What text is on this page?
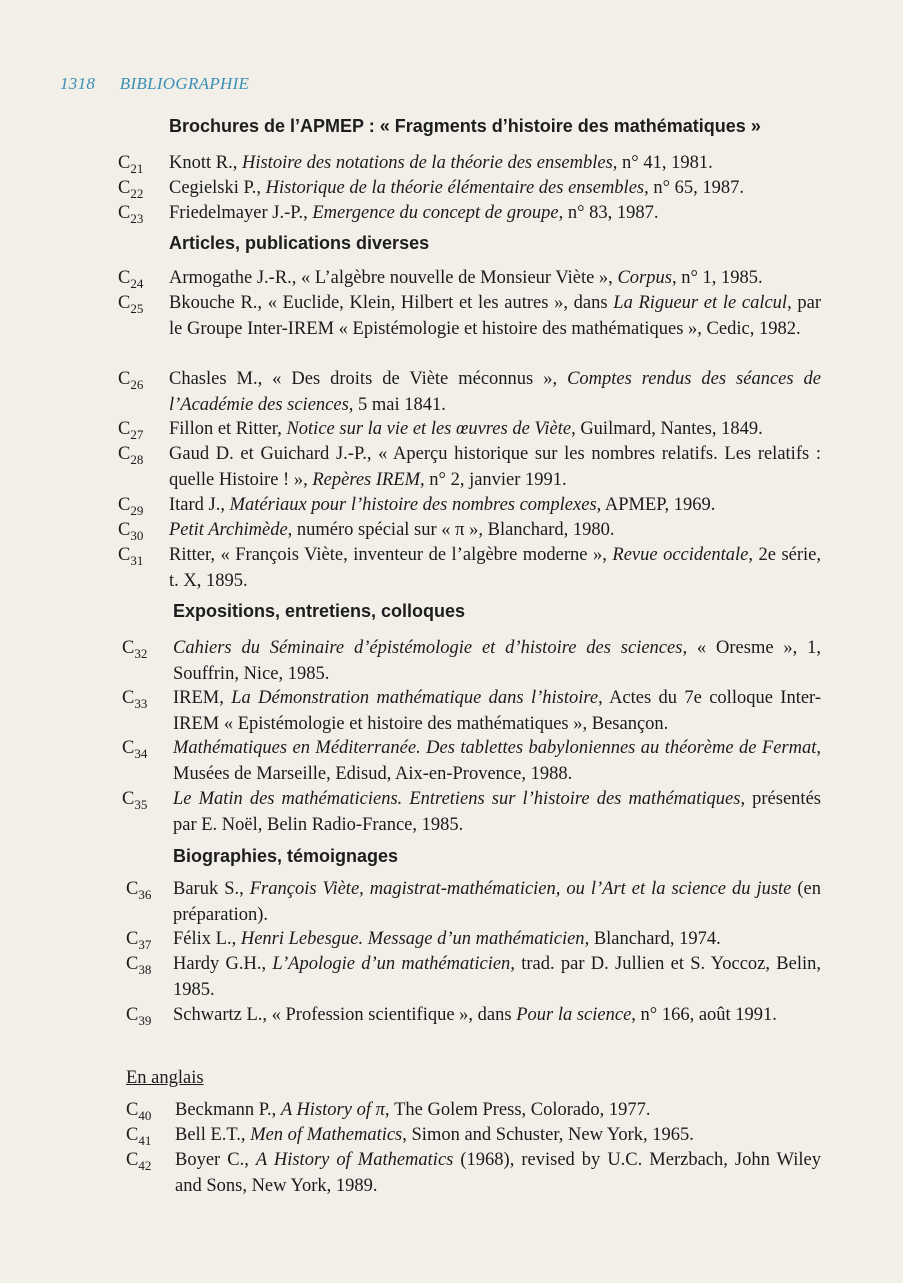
1318 BIBLIOGRAPHIE
Brochures de l’APMEP : « Fragments d’histoire des mathématiques »
Articles, publications diverses
Expositions, entretiens, colloques
Biographies, témoignages
En anglais
$C_{21}$ Knott R., Histoire des notations de la théorie des ensembles, n° 41, 1981.
$C_{22}$ Cegielski P., Historique de la théorie élémentaire des ensembles, n° 65, 1987.
$C_{23}$ Friedelmayer J.-P., Emergence du concept de groupe, n° 83, 1987.
$C_{24}$ Armogathe J.-R., « L’algèbre nouvelle de Monsieur Viète », Corpus, n° 1, 1985.
$C_{25}$ Bkouche R., « Euclide, Klein, Hilbert et les autres », dans La Rigueur et le calcul, par le Groupe Inter-IREM « Epistémologie et histoire des mathématiques », Cedic, 1982.
$C_{26}$ Chasles M., « Des droits de Viète méconnus », Comptes rendus des séances de l’Académie des sciences, 5 mai 1841.
$C_{27}$ Fillon et Ritter, Notice sur la vie et les œuvres de Viète, Guilmard, Nantes, 1849.
$C_{28}$ Gaud D. et Guichard J.-P., « Aperçu historique sur les nombres relatifs. Les relatifs : quelle Histoire ! », Repères IREM, n° 2, janvier 1991.
$C_{29}$ Itard J., Matériaux pour l’histoire des nombres complexes, APMEP, 1969.
$C_{30}$ Petit Archimède, numéro spécial sur « π », Blanchard, 1980.
$C_{31}$ Ritter, « François Viète, inventeur de l’algèbre moderne », Revue occidentale, 2e série, t. X, 1895.
$C_{32}$ Cahiers du Séminaire d’épistémologie et d’histoire des sciences, « Oresme », 1, Souffrin, Nice, 1985.
$C_{33}$ IREM, La Démonstration mathématique dans l’histoire, Actes du 7e colloque Inter-IREM « Epistémologie et histoire des mathématiques », Besançon.
$C_{34}$ Mathématiques en Méditerranée. Des tablettes babyloniennes au théorème de Fermat, Musées de Marseille, Edisud, Aix-en-Provence, 1988.
$C_{35}$ Le Matin des mathématiciens. Entretiens sur l’histoire des mathématiques, présentés par E. Noël, Belin Radio-France, 1985.
$C_{36}$ Baruk S., François Viète, magistrat-mathématicien, ou l’Art et la science du juste (en préparation).
$C_{37}$ Félix L., Henri Lebesgue. Message d’un mathématicien, Blanchard, 1974.
$C_{38}$ Hardy G.H., L’Apologie d’un mathématicien, trad. par D. Jullien et S. Yoccoz, Belin, 1985.
$C_{39}$ Schwartz L., « Profession scientifique », dans Pour la science, n° 166, août 1991.
$C_{40}$ Beckmann P., A History of π, The Golem Press, Colorado, 1977.
$C_{41}$ Bell E.T., Men of Mathematics, Simon and Schuster, New York, 1965.
$C_{42}$ Boyer C., A History of Mathematics (1968), revised by U.C. Merzbach, John Wiley and Sons, New York, 1989.
